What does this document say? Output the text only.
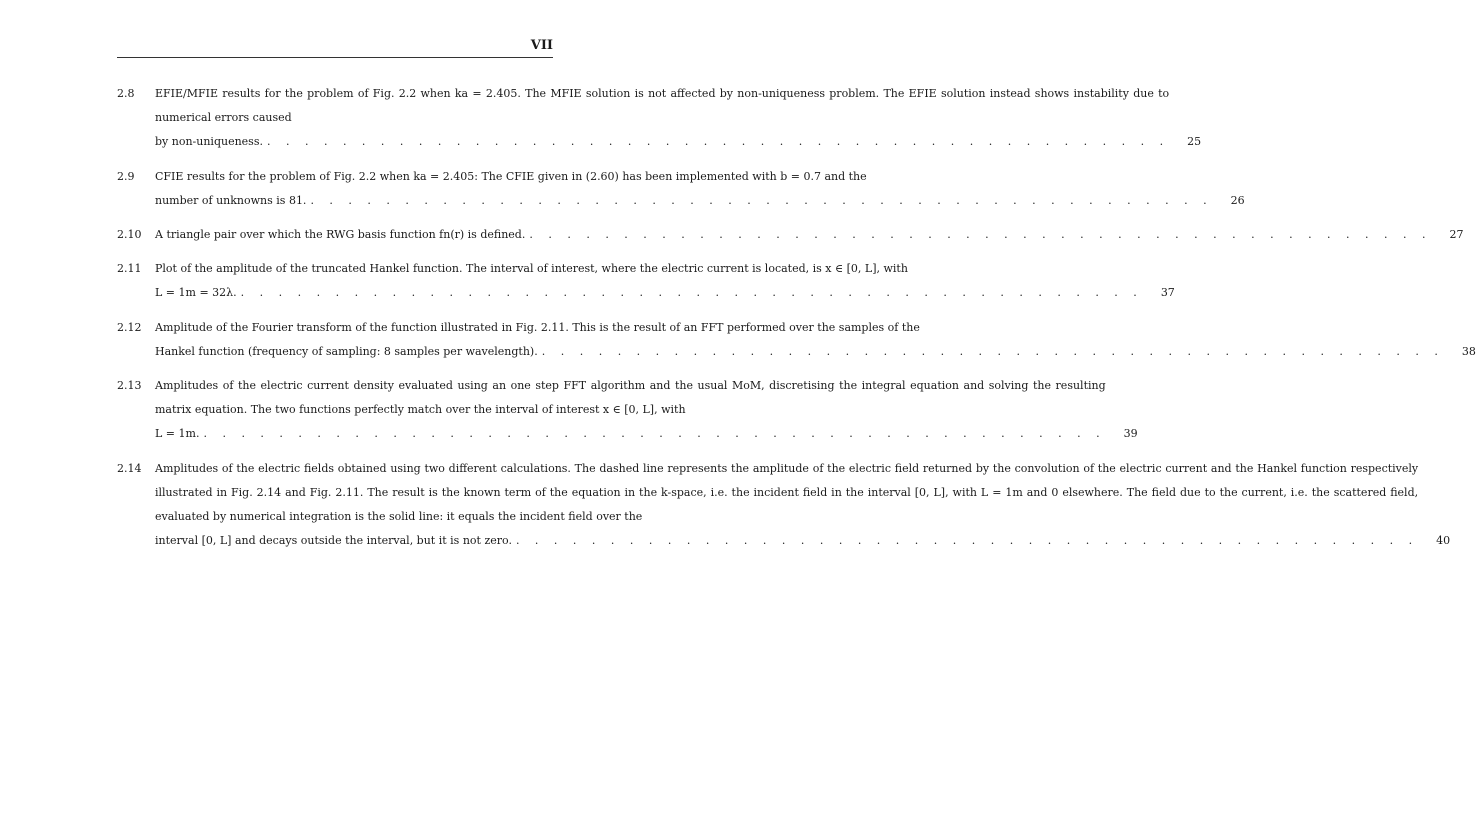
VII
2.8	EFIE/MFIE results for the problem of Fig. 2.2 when ka = 2.405. The MFIE solution is not affected by non-uniqueness problem. The EFIE solution instead shows instability due to numerical errors caused
by non-uniqueness. . . .	25
2.9	CFIE results for the problem of Fig. 2.2 when ka = 2.405: The CFIE given in (2.60) has been implemented with b = 0.7 and the
number of unknowns is 81. . . .	26
2.10	A triangle pair over which the RWG basis function fn(r) is defined. . . .	27
2.11	Plot of the amplitude of the truncated Hankel function. The interval of interest, where the electric current is located, is x ∈ [0, L], with
L = 1m = 32λ. . . .	37
2.12	Amplitude of the Fourier transform of the function illustrated in Fig. 2.11. This is the result of an FFT performed over the samples of the
Hankel function (frequency of sampling: 8 samples per wavelength). . . .	38
2.13	Amplitudes of the electric current density evaluated using an one step FFT algorithm and the usual MoM, discretising the integral equation and solving the resulting matrix equation. The two functions perfectly match over the interval of interest x ∈ [0, L], with
L = 1m. . . .	39
2.14	Amplitudes of the electric fields obtained using two different calculations. The dashed line represents the amplitude of the electric field returned by the convolution of the electric current and the Hankel function respectively illustrated in Fig. 2.14 and Fig. 2.11. The result is the known term of the equation in the k-space, i.e. the incident field in the interval [0, L], with L = 1m and 0 elsewhere. The field due to the current, i.e. the scattered field, evaluated by numerical integration is the solid line: it equals the incident field over the
interval [0, L] and decays outside the interval, but it is not zero. . . .	40
